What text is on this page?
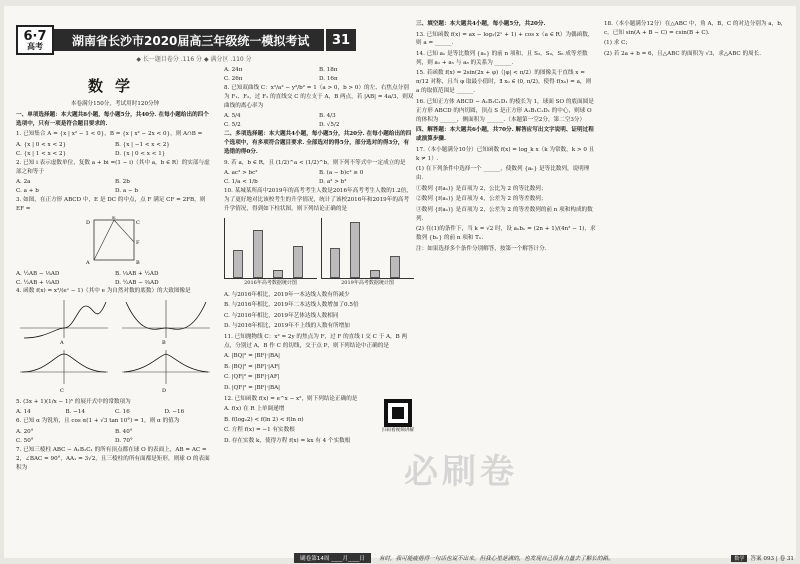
6·7
高考	湖南省长沙市2020届高三年级统一模拟考试	31
◆ 长一题目卷分 .116 分 ◆ 满分区 .110 分
数学
本卷满分150分，考试用时120分钟

一、单项选择题：本大题共8小题，每小题5分，共40分. 在每小题给出的四个选项中，只有一项是符合题目要求的.

1. 已知集合 A = {x | x² − 1 < 0}，B = {x | x² − 2x < 0}，则 A∩B =

A. {x | 0 < x < 2}	B. {x | −1 < x < 2}
C. {x | 1 < x < 2}	D. {x | 0 < x < 1}

2. 已知 i 表示虚数单位，复数 a + bi =(1 − i)（其中 a，b ∈ R）的实部与虚部之和等于

A. 2a	B. 2b
C. a + b	D. a − b

3. 如图，在正方形 ABCD 中，E 是 DC 的中点，点 F 满足 CF = 2FB，则 EF =

D	C
A	B
E
F
A. ½AB − ⅓AD	B. ⅓AB + ½AD
C. ½AB + ⅓AD	D. ½AB − ⅔AD

4. 函数 f(x) = x²/(eˣ − 1)（其中 e 为自然对数的底数）的大致图像是

A	B
C	D

5. (3x + 1)(1/x − 1)⁵ 的展开式中的常数项为

A. 14	B. −14	C. 16	D. −16

6. 已知 α 为锐角，且 cos α(1 + √3 tan 10°) = 1，则 α 的值为

A. 20°	B. 40°
C. 50°	D. 70°

7. 已知三棱柱 ABC − A₁B₁C₁ 的所有顶点都在球 O 的表面上，AB = AC = 2，∠BAC = 90°，AA₁ = 3√2，且三棱柱的所有面都是矩形，则球 O 的表面积为

A. 24π	B. 18π
C. 26π	D. 16π

8. 已知双曲线 C：x²/a² − y²/b² = 1（a > 0，b > 0）的左、右焦点分别为 F₁、F₂，过 F₁ 的直线交 C 的左支于 A，B 两点，若 |AB| = 4a/3，则双曲线的离心率为

A. 5/4	B. 4/3
C. 5/2	D. √5/2

二、多项选择题：本大题共4小题，每小题5分，共20分. 在每小题给出的四个选项中，有多项符合题目要求. 全部选对的得5分，部分选对的得3分，有选错的得0分.

9. 若 a，b ∈ R，且 (1/2)^a < (1/2)^b，则下列不等式中一定成立的是

A. ac² > bc²	B. (a − b)c² ≥ 0
C. 1/a < 1/b	D. a³ > b³

10. 某城某所高中2019年的高考考生人数是2016年高考考生人数的1.2倍，为了更好地对比该校考生的升学情况，统计了该校2016年和2019年的高考升学情况，得到如下柱状图，则下列结论正确的是

2016年高考数据统计图	2019年高考数据统计图

A. 与2016年相比，2019年一本达线人数有所减少

B. 与2016年相比，2019年二本达线人数增加了0.5倍

C. 与2016年相比，2019年艺体达线人数相同

D. 与2016年相比，2019年不上线的人数有所增加

11. 已知抛物线 C：x² = 2y 的焦点为 F，过 F 的直线 l 交 C 于 A，B 两点，分别过 A，B 作 C 的切线，交于点 P，则下列结论中正确的是

A. |BQ|² = |BF|·|BA|

B. |BQ|² = |BF|·|AF|

C. |QF|² = |BF|·|AF|

D. |QF|² = |BF|·|BA|

12. 已知函数 f(x) = e^x − x²，则下列结论正确的是

A. f(x) 在 R 上单调递增

B. f(log₂2) < f(ln 2) < f(ln π)

C. 方程 f(x) = −1 有实数根

D. 存在实数 k，使得方程 f(x) = kx 有 4 个实数根

扫码看视频讲解

三、填空题：本大题共4小题，每小题5分，共20分.

13. 已知函数 f(x) = ax − log₂(2ˣ + 1) + cos x（a ∈ R）为偶函数，则 a = ______.

14. 已知 aₙ 是等比数列 {aₙ} 的前 n 项和，且 S₃，S₉，S₆ 成等差数列，则 a₂ + a₅ 与 a₈ 的关系为 ______.

15. 若函数 f(x) = 2sin(2x + φ)（|φ| < π/2）的图像关于直线 x = π/12 对称，且当 φ 取最小值时，∃ x₀ ∈ (0, π/2)，使得 f(x₀) = a，则 a 的取值范围是 ______.

16. 已知正方体 ABCD − A₁B₁C₁D₁ 的棱长为 1，球面 SO 的底面圆是正方形 ABCD 的内切圆，顶点 S 是正方形 A₁B₁C₁D₁ 的中心，则球 O 的体积为 ______，侧面积为 ______.（本题第一空2分，第二空3分）

四、解答题：本大题共6小题，共70分. 解答应写出文字说明、证明过程或演算步骤.

17.（本小题满分10分）已知函数 f(x) = log_k x（k 为常数，k > 0 且 k ≠ 1）.

(1) 在下列条件中选择一个 ______，使数列 {aₙ} 是等比数列，说明理由.

①数列 {f(aₙ)} 是首项为 2，公比为 2 的等比数列；

②数列 {f(aₙ)} 是首项为 4，公差为 2 的等差数列；

③数列 {f(aₙ)} 是首项为 2，公差为 2 的等差数列的前 n 项和构成的数列.

(2) 在(1)的条件下，当 k = √2 时，设 aₙbₙ = (2n + 1)/(4n² − 1)，求数列 {bₙ} 的前 n 项和 Tₙ.

注：如果选择多个条件分别解答，按第一个解答计分.

18.（本小题满分12分）在△ABC 中，角 A，B，C 的对边分别为 a，b，c，已知 sin(A + B − C) = csin(B + C).

(1) 求 C；

(2) 若 2a + b = 6，且△ABC 的面积为 √3，求△ABC 的周长.

必刷卷
刷卷第14周 ____月____日	有时，我可能疲倦得一句话也说不出来，但我心里是满的，也发现自己很有力量去了解长的路。	数学	答案 093 | 卷 31
